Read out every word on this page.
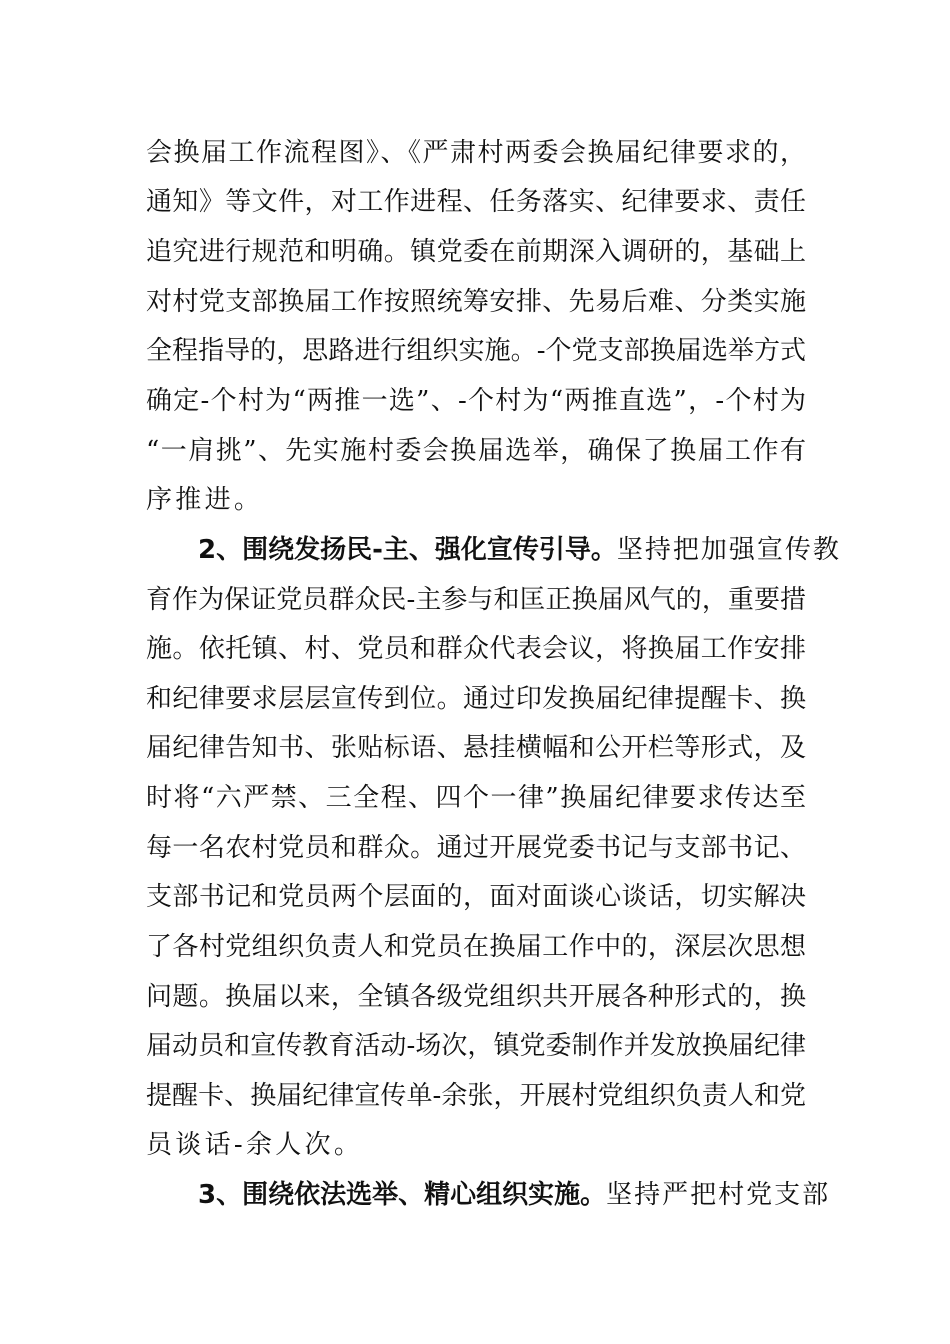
会换届工作流程图》、《严肃村两委会换届纪律要求的，
通知》等文件，对工作进程、任务落实、纪律要求、责任
追究进行规范和明确。镇党委在前期深入调研的，基础上
对村党支部换届工作按照统筹安排、先易后难、分类实施
全程指导的，思路进行组织实施。-个党支部换届选举方式
确定-个村为“两推一选”、-个村为“两推直选”，-个村为
“一肩挑”、先实施村委会换届选举，确保了换届工作有
序推进。
2、围绕发扬民-主、强化宣传引导。坚持把加强宣传教
育作为保证党员群众民-主参与和匡正换届风气的，重要措
施。依托镇、村、党员和群众代表会议，将换届工作安排
和纪律要求层层宣传到位。通过印发换届纪律提醒卡、换
届纪律告知书、张贴标语、悬挂横幅和公开栏等形式，及
时将“六严禁、三全程、四个一律”换届纪律要求传达至
每一名农村党员和群众。通过开展党委书记与支部书记、
支部书记和党员两个层面的，面对面谈心谈话，切实解决
了各村党组织负责人和党员在换届工作中的，深层次思想
问题。换届以来，全镇各级党组织共开展各种形式的，换
届动员和宣传教育活动-场次，镇党委制作并发放换届纪律
提醒卡、换届纪律宣传单-余张，开展村党组织负责人和党
员谈话-余人次。
3、围绕依法选举、精心组织实施。坚持严把村党支部
